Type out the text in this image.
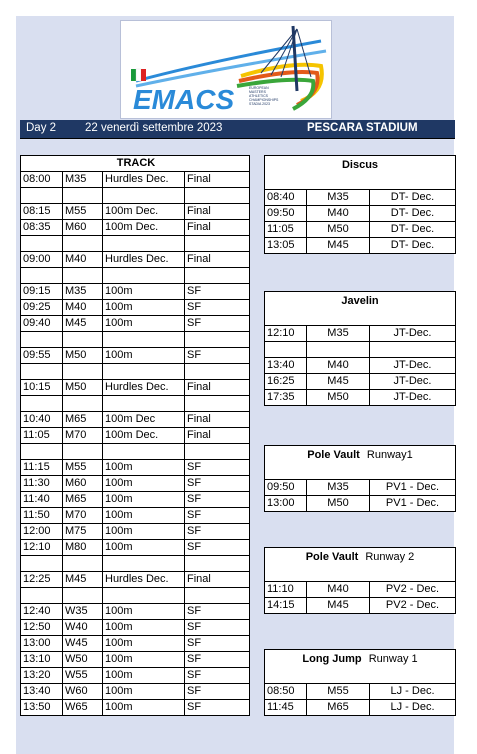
EMACS	EUROPEAN
MASTERS
ATHLETICS
CHAMPIONSHIPS
STADIA 2023
Day 2	22 venerdì settembre 2023	PESCARA STADIUM
TRACK			
08:00	M35	Hurdles Dec.	Final

08:15	M55	100m Dec.	Final
08:35	M60	100m Dec.	Final

09:00	M40	Hurdles Dec.	Final

09:15	M35	100m	SF
09:25	M40	100m	SF
09:40	M45	100m	SF

09:55	M50	100m	SF

10:15	M50	Hurdles Dec.	Final

10:40	M65	100m Dec	Final
11:05	M70	100m Dec.	Final

11:15	M55	100m	SF
11:30	M60	100m	SF
11:40	M65	100m	SF
11:50	M70	100m	SF
12:00	M75	100m	SF
12:10	M80	100m	SF

12:25	M45	Hurdles Dec.	Final

12:40	W35	100m	SF
12:50	W40	100m	SF
13:00	W45	100m	SF
13:10	W50	100m	SF
13:20	W55	100m	SF
13:40	W60	100m	SF
13:50	W65	100m	SF
Discus		

08:40	M35	DT- Dec.
09:50	M40	DT- Dec.
11:05	M50	DT- Dec.
13:05	M45	DT- Dec.
Javelin		

12:10	M35	JT-Dec.

13:40	M40	JT-Dec.
16:25	M45	JT-Dec.
17:35	M50	JT-Dec.
Pole Vault Runway1		

09:50	M35	PV1 - Dec.
13:00	M50	PV1 - Dec.
Pole Vault Runway 2		

11:10	M40	PV2 - Dec.
14:15	M45	PV2 - Dec.
Long Jump Runway 1		

08:50	M55	LJ - Dec.
11:45	M65	LJ - Dec.
